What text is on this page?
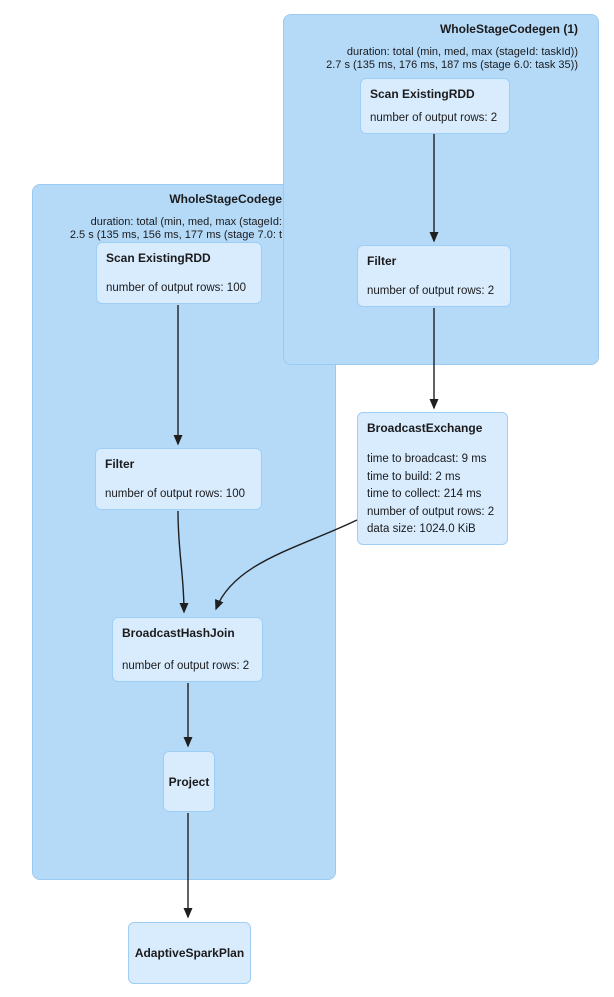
WholeStageCodege
duration: total (min, med, max (stageId:
2.5 s (135 ms, 156 ms, 177 ms (stage 7.0: t
WholeStageCodegen (1)
duration: total (min, med, max (stageId: taskId))
2.7 s (135 ms, 176 ms, 187 ms (stage 6.0: task 35))
Scan ExistingRDD
number of output rows: 2
Filter
number of output rows: 2
BroadcastExchange
time to broadcast: 9 ms
time to build: 2 ms
time to collect: 214 ms
number of output rows: 2
data size: 1024.0 KiB
Scan ExistingRDD
number of output rows: 100
Filter
number of output rows: 100
BroadcastHashJoin
number of output rows: 2
Project
AdaptiveSparkPlan
